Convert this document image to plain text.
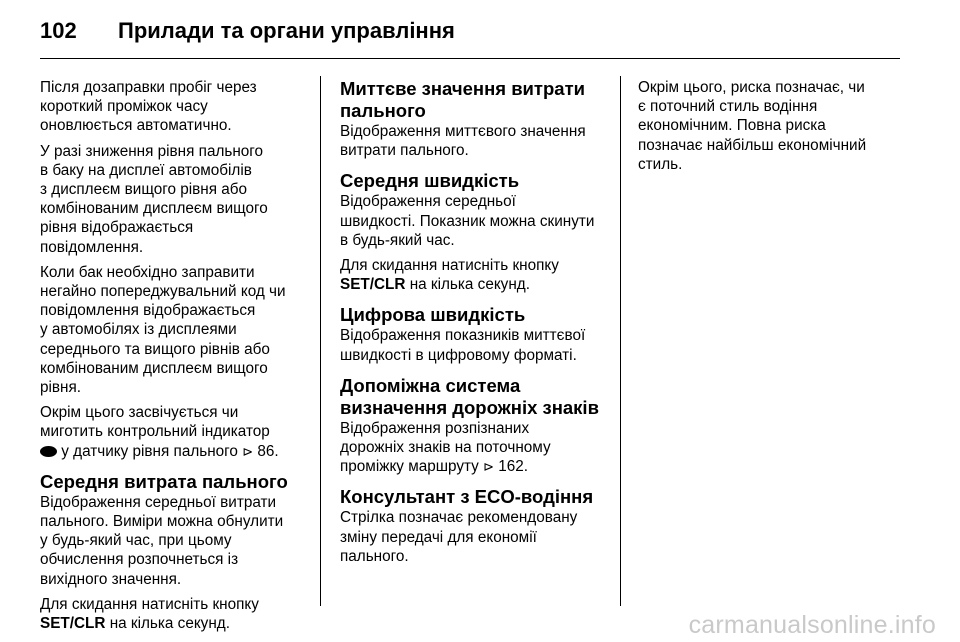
102	Прилади та органи управління

Після дозаправки пробіг через
короткий проміжок часу
оновлюється автоматично.

У разі зниження рівня пального
в баку на дисплеї автомобілів
з дисплеєм вищого рівня або
комбінованим дисплеєм вищого
рівня відображається
повідомлення.

Коли бак необхідно заправити
негайно попереджувальний код чи
повідомлення відображається
у автомобілях із дисплеями
середнього та вищого рівнів або
комбінованим дисплеєм вищого
рівня.

Окрім цього засвічується чи
миготить контрольний індикатор
у датчику рівня пального ⊳ 86.

Середня витрата пального

Відображення середньої витрати
пального. Виміри можна обнулити
у будь-який час, при цьому
обчислення розпочнеться із
вихідного значення.

Для скидання натисніть кнопку
SET/CLR на кілька секунд.

Миттєве значення витрати
пального

Відображення миттєвого значення
витрати пального.

Середня швидкість

Відображення середньої
швидкості. Показник можна скинути
в будь-який час.

Для скидання натисніть кнопку
SET/CLR на кілька секунд.

Цифрова швидкість

Відображення показників миттєвої
швидкості в цифровому форматі.

Допоміжна система
визначення дорожніх знаків

Відображення розпізнаних
дорожніх знаків на поточному
проміжку маршруту ⊳ 162.

Консультант з ECO-водіння

Стрілка позначає рекомендовану
зміну передачі для економії
пального.

Окрім цього, риска позначає, чи
є поточний стиль водіння
економічним. Повна риска
позначає найбільш економічний
стиль.

carmanualsonline.info
